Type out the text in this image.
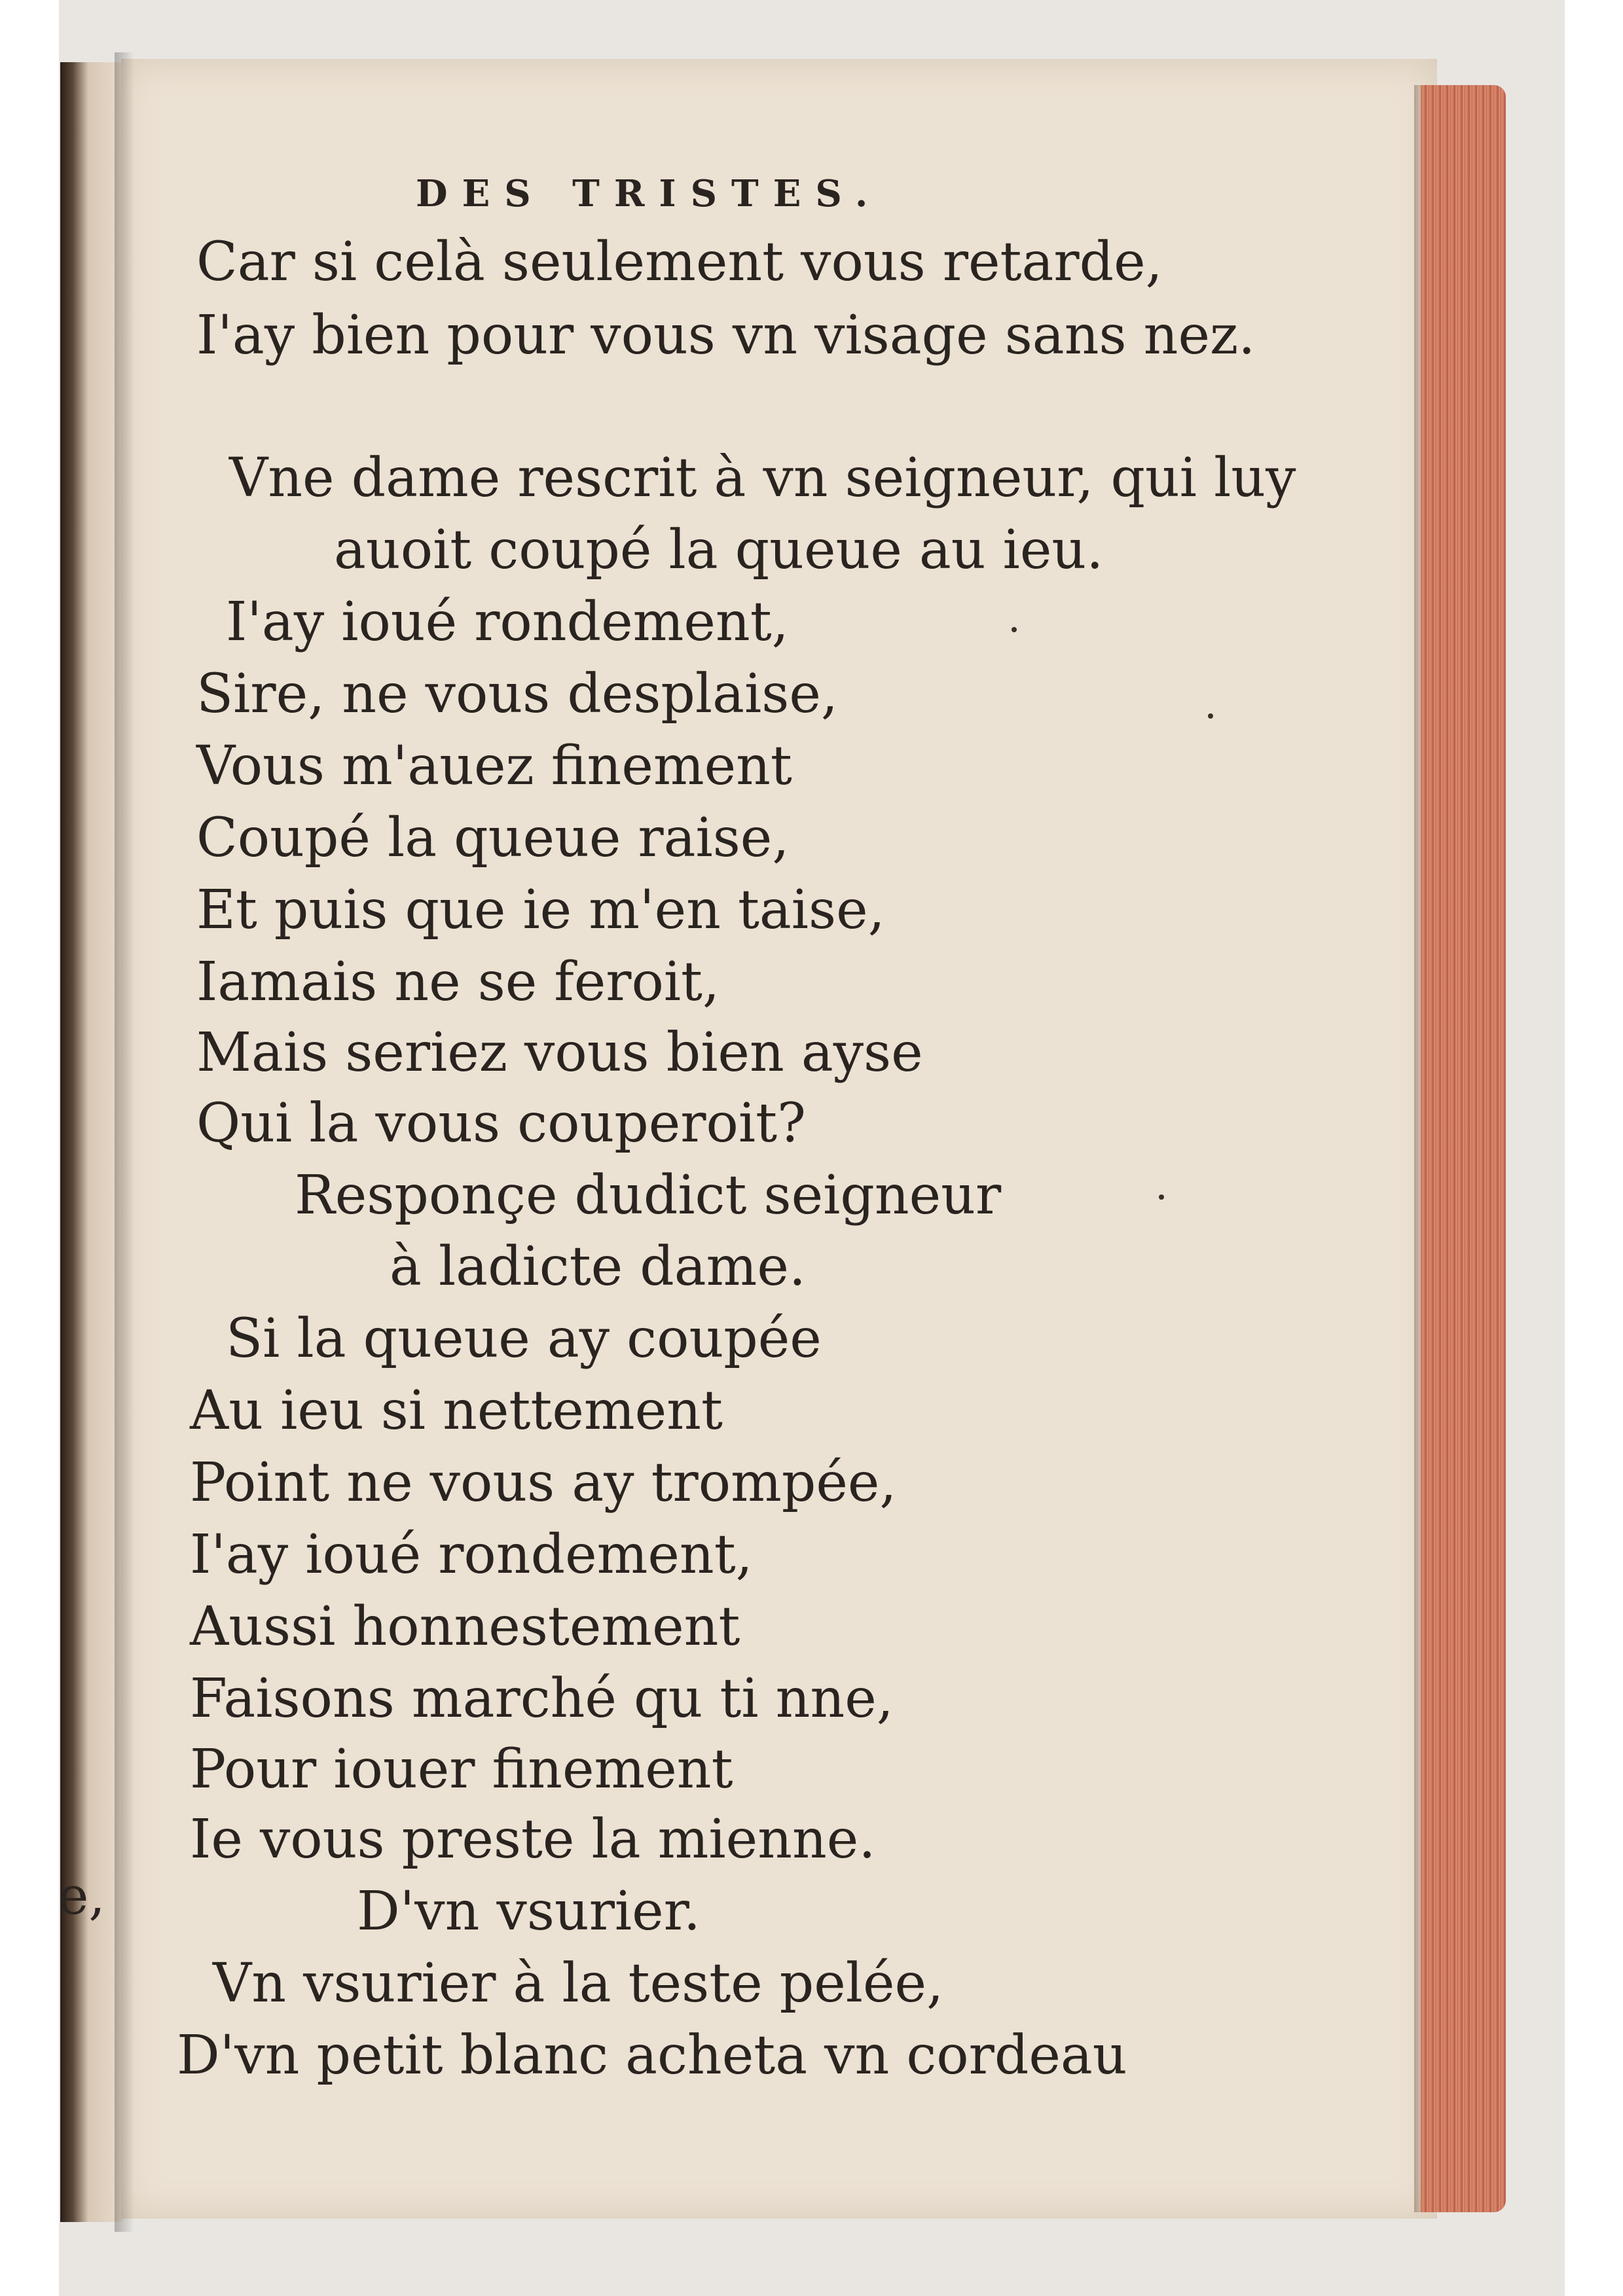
e,
DES TRISTES.
Car si celà seulement vous retarde,
I'ay bien pour vous vn visage sans nez.
Vne dame rescrit à vn seigneur, qui luy
auoit coupé la queue au ieu.
I'ay ioué rondement,
Sire, ne vous desplaise,
Vous m'auez finement
Coupé la queue raise,
Et puis que ie m'en taise,
Iamais ne se feroit,
Mais seriez vous bien ayse
Qui la vous couperoit?
Responçe dudict seigneur
à ladicte dame.
Si la queue ay coupée
Au ieu si nettement
Point ne vous ay trompée,
I'ay ioué rondement,
Aussi honnestement
Faisons marché qu ti nne,
Pour iouer finement
Ie vous preste la mienne.
D'vn vsurier.
Vn vsurier à la teste pelée,
D'vn petit blanc acheta vn cordeau
